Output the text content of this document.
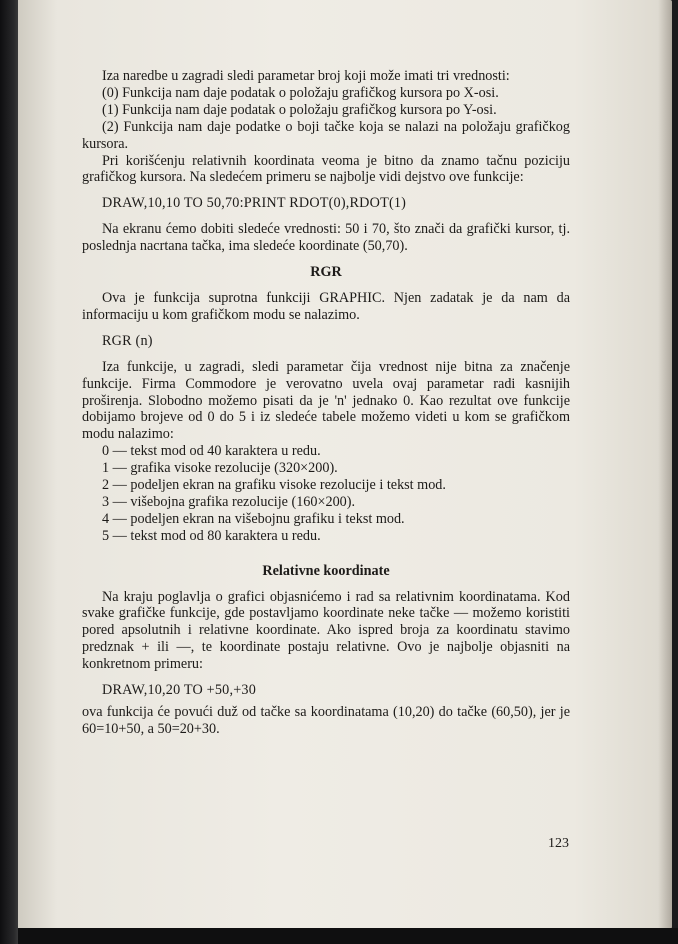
Iza naredbe u zagradi sledi parametar broj koji može imati tri vrednosti:

(0) Funkcija nam daje podatak o položaju grafičkog kursora po X-osi.

(1) Funkcija nam daje podatak o položaju grafičkog kursora po Y-osi.

(2) Funkcija nam daje podatke o boji tačke koja se nalazi na položaju grafičkog kursora.

Pri korišćenju relativnih koordinata veoma je bitno da znamo tačnu poziciju grafičkog kursora. Na sledećem primeru se najbolje vidi dejstvo ove funkcije:

DRAW,10,10 TO 50,70:PRINT RDOT(0),RDOT(1)

Na ekranu ćemo dobiti sledeće vrednosti: 50 i 70, što znači da grafički kursor, tj. poslednja nacrtana tačka, ima sledeće koordinate (50,70).

RGR

Ova je funkcija suprotna funkciji GRAPHIC. Njen zadatak je da nam da informaciju u kom grafičkom modu se nalazimo.

RGR (n)

Iza funkcije, u zagradi, sledi parametar čija vrednost nije bitna za značenje funkcije. Firma Commodore je verovatno uvela ovaj parametar radi kasnijih proširenja. Slobodno možemo pisati da je 'n' jednako 0. Kao rezultat ove funkcije dobijamo brojeve od 0 do 5 i iz sledeće tabele možemo videti u kom se grafičkom modu nalazimo:

0 — tekst mod od 40 karaktera u redu.
1 — grafika visoke rezolucije (320×200).
2 — podeljen ekran na grafiku visoke rezolucije i tekst mod.
3 — višebojna grafika rezolucije (160×200).
4 — podeljen ekran na višebojnu grafiku i tekst mod.
5 — tekst mod od 80 karaktera u redu.

Relativne koordinate

Na kraju poglavlja o grafici objasnićemo i rad sa relativnim koordinatama. Kod svake grafičke funkcije, gde postavljamo koordinate neke tačke — možemo koristiti pored apsolutnih i relativne koordinate. Ako ispred broja za koordinatu stavimo predznak + ili —, te koordinate postaju relativne. Ovo je najbolje objasniti na konkretnom primeru:

DRAW,10,20 TO +50,+30

ova funkcija će povući duž od tačke sa koordinatama (10,20) do tačke (60,50), jer je 60=10+50, a 50=20+30.

123
